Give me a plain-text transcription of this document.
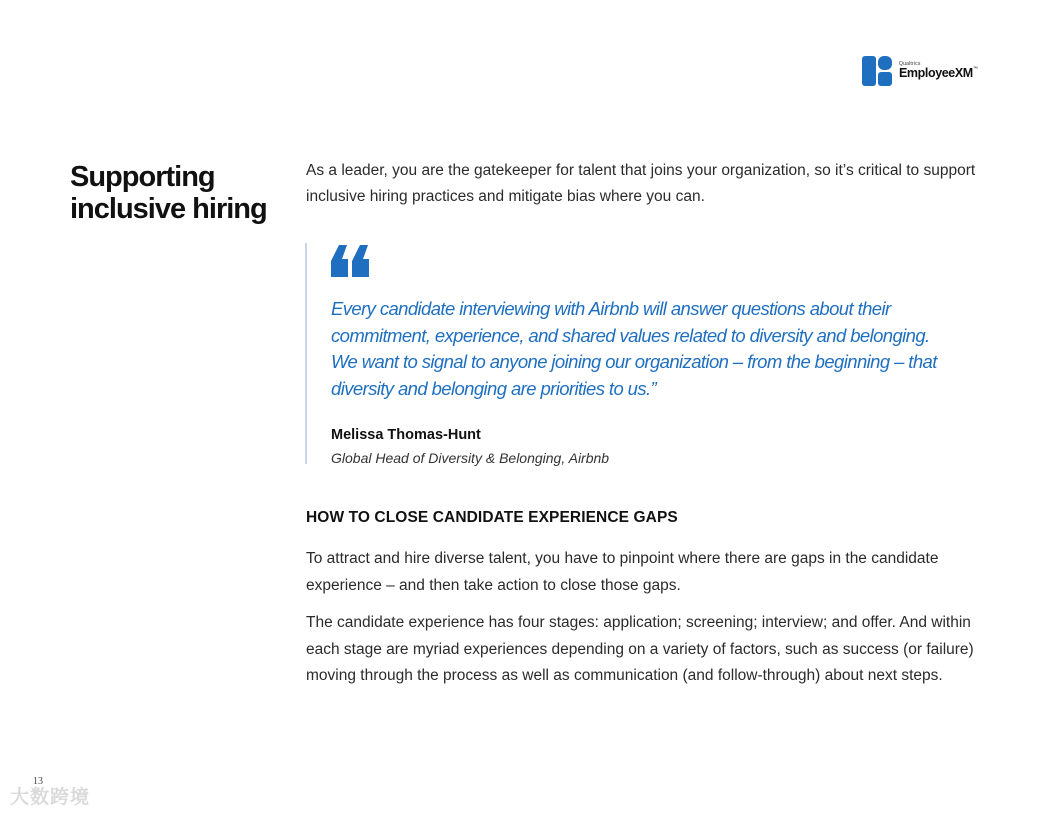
Qualtrics
EmployeeXM™
Supporting inclusive hiring

As a leader, you are the gatekeeper for talent that joins your organization, so it’s critical to support inclusive hiring practices and mitigate bias where you can.

Every candidate interviewing with Airbnb will answer questions about their commitment, experience, and shared values related to diversity and belonging. We want to signal to anyone joining our organization – from the beginning – that diversity and belonging are priorities to us.”

Melissa Thomas-Hunt

Global Head of Diversity & Belonging, Airbnb

HOW TO CLOSE CANDIDATE EXPERIENCE GAPS

To attract and hire diverse talent, you have to pinpoint where there are gaps in the candidate experience – and then take action to close those gaps.

The candidate experience has four stages: application; screening; interview; and offer. And within each stage are myriad experiences depending on a variety of factors, such as success (or failure) moving through the process as well as communication (and follow-through) about next steps.

13
大数跨境
